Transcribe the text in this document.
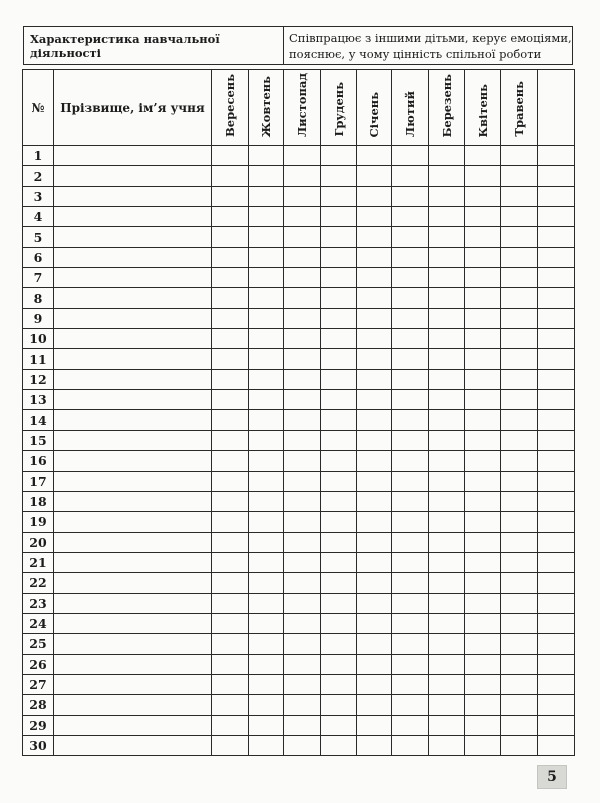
Характеристика навчальної діяльності
Співпрацює з іншими дітьми, керує емоціями, пояснює, у чому цінність спільної роботи
№	Прізвище, ім’я учня	Вересень	Жовтень	Листопад	Грудень	Січень	Лютий	Березень	Квітень	Травень	

1											
2											
3											
4											
5											
6											
7											
8											
9											
10											
11											
12											
13											
14											
15											
16											
17											
18											
19											
20											
21											
22											
23											
24											
25											
26											
27											
28											
29											
30											
5
